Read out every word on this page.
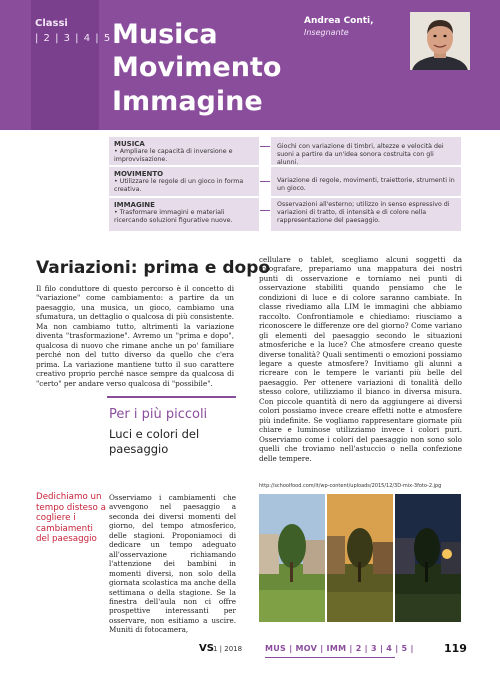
Classi
| 2 | 3 | 4 | 5 |
Musica
Movimento
Immagine
Andrea Conti,
Insegnante
MUSICA
• Ampliare le capacità di inversione e improvvisazione.
Giochi con variazione di timbri, altezze e velocità dei suoni a partire da un'idea sonora costruita con gli alunni.
MOVIMENTO
• Utilizzare le regole di un gioco in forma creativa.
Variazione di regole, movimenti, traiettorie, strumenti in un gioco.
IMMAGINE
• Trasformare immagini e materiali ricercando soluzioni figurative nuove.
Osservazioni all'esterno; utilizzo in senso espressivo di variazioni di tratto, di intensità e di colore nella rappresentazione del paesaggio.
Variazioni: prima e dopo
Il filo conduttore di questo percorso è il concetto di "variazione" come cambiamento: a partire da un paesaggio, una musica, un gioco, cambiamo una sfumatura, un dettaglio o qualcosa di più consistente. Ma non cambiamo tutto, altrimenti la variazione diventa "trasformazione". Avremo un "prima e dopo", qualcosa di nuovo che rimane anche un po' familiare perché non del tutto diverso da quello che c'era prima. La variazione mantiene tutto il suo carattere creativo proprio perché nasce sempre da qualcosa di "certo" per andare verso qualcosa di "possibile".
cellulare o tablet, scegliamo alcuni soggetti da fotografare, prepariamo una mappatura dei nostri punti di osservazione e torniamo nei punti di osservazione stabiliti quando pensiamo che le condizioni di luce e di colore saranno cambiate. In classe rivediamo alla LIM le immagini che abbiamo raccolto. Confrontiamole e chiediamo: riusciamo a riconoscere le differenze ore del giorno? Come variano gli elementi del paesaggio secondo le situazioni atmosferiche e la luce? Che atmosfere creano queste diverse tonalità? Quali sentimenti o emozioni possiamo legare a queste atmosfere? Invitiamo gli alunni a ricreare con le tempere le varianti più belle del paesaggio. Per ottenere variazioni di tonalità dello stesso colore, utilizziamo il bianco in diversa misura. Con piccole quantità di nero da aggiungere ai diversi colori possiamo invece creare effetti notte e atmosfere più indefinite. Se vogliamo rappresentare giornate più chiare e luminose utilizziamo invece i colori puri. Osserviamo come i colori del paesaggio non sono solo quelli che troviamo nell'astuccio o nella confezione delle tempere.
Per i più piccoli
Luci e colori del paesaggio
Dedichiamo un tempo disteso a cogliere i cambiamenti del paesaggio
Osserviamo i cambiamenti che avvengono nel paesaggio a seconda dei diversi momenti del giorno, del tempo atmosferico, delle stagioni. Proponiamoci di dedicare un tempo adeguato all'osservazione richiamando l'attenzione dei bambini in momenti diversi, non solo della giornata scolastica ma anche della settimana o della stagione. Se la finestra dell'aula non ci offre prospettive interessanti per osservare, non esitiamo a uscire. Muniti di fotocamera,
http://schoolfood.com/it/wp-content/uploads/2015/12/3D-mix-3foto-2.jpg
VS 1 | 2018	MUS | MOV | IMM | 2 | 3 | 4 | 5 |	119
